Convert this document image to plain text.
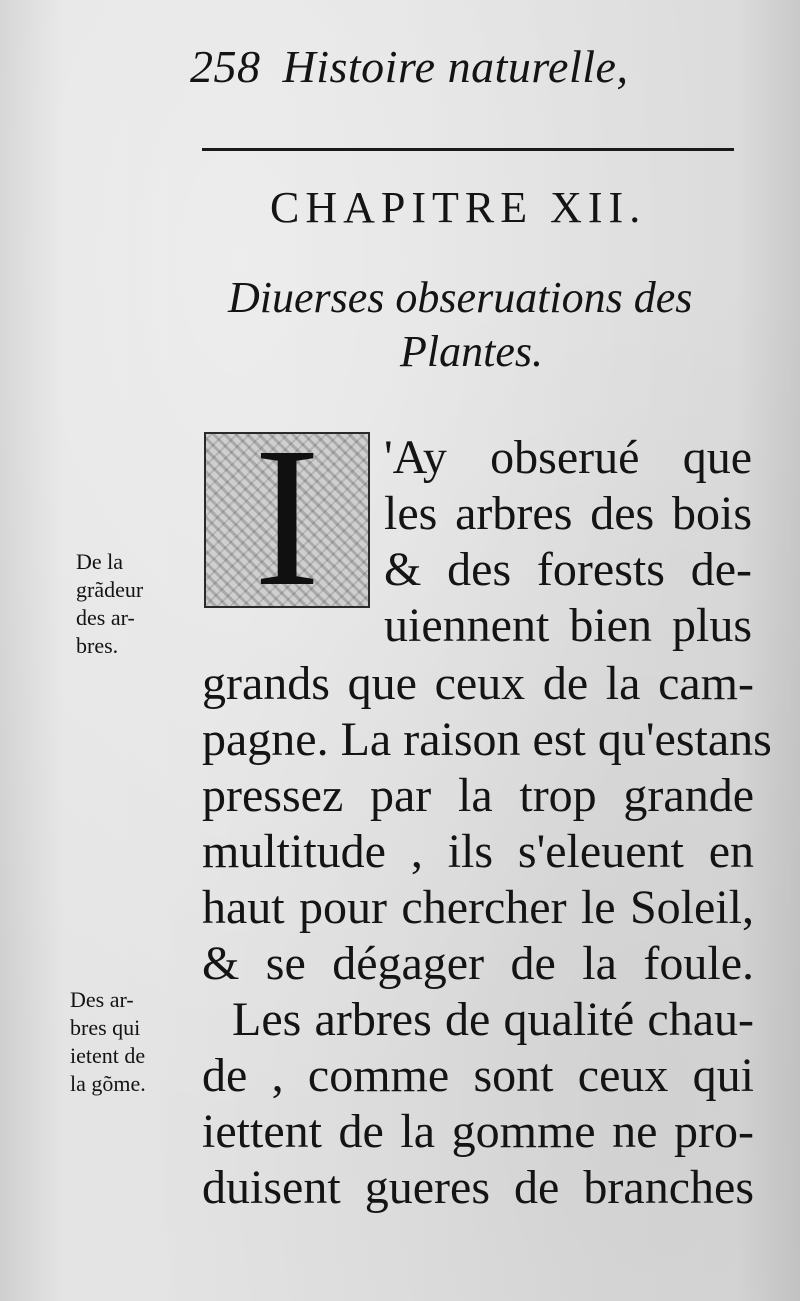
258 Histoire naturelle,
CHAPITRE XII.
Diuerses obseruations des
Plantes.
I	'Ay obserué que
les arbres des bois
& des forests de-
uiennent bien plus
grands que ceux de la cam-
pagne. La raison est qu'estans
pressez par la trop grande
multitude , ils s'eleuent en
haut pour chercher le Soleil,
& se dégager de la foule.
Les arbres de qualité chau-
de , comme sont ceux qui
iettent de la gomme ne pro-
duisent gueres de branches
De la
grãdeur
des ar-
bres.
Des ar-
bres qui
ietent de
la gõme.
